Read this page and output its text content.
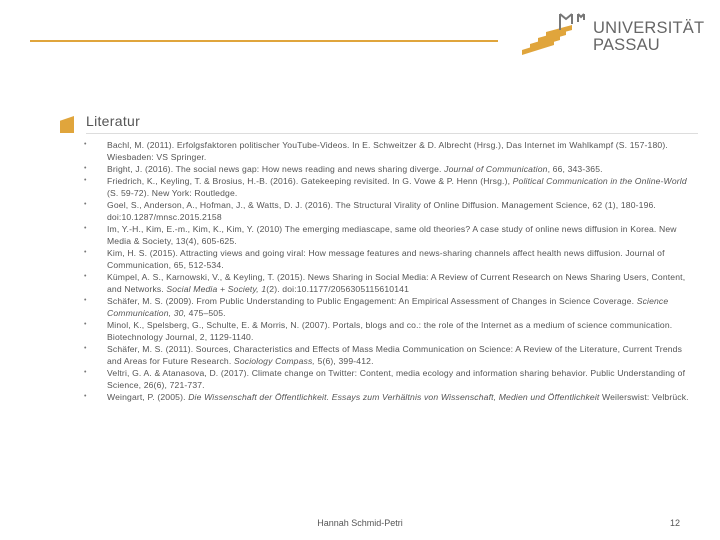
UNIVERSITÄT
PASSAU
Literatur
• Bachl, M. (2011). Erfolgsfaktoren politischer YouTube-Videos. In E. Schweitzer & D. Albrecht (Hrsg.), Das Internet im Wahlkampf (S. 157-180). Wiesbaden: VS Springer.
• Bright, J. (2016). The social news gap: How news reading and news sharing diverge. Journal of Communication, 66, 343-365.
• Friedrich, K., Keyling, T. & Brosius, H.-B. (2016). Gatekeeping revisited. In G. Vowe & P. Henn (Hrsg.), Political Communication in the Online-World (S. 59-72). New York: Routledge.
• Goel, S., Anderson, A., Hofman, J., & Watts, D. J. (2016). The Structural Virality of Online Diffusion. Management Science, 62 (1), 180-196. doi:10.1287/mnsc.2015.2158
• Im, Y.-H., Kim, E.-m., Kim, K., Kim, Y. (2010) The emerging mediascape, same old theories? A case study of online news diffusion in Korea. New Media & Society, 13(4), 605-625.
• Kim, H. S. (2015). Attracting views and going viral: How message features and news-sharing channels affect health news diffusion. Journal of Communication, 65, 512-534.
• Kümpel, A. S., Karnowski, V., & Keyling, T. (2015). News Sharing in Social Media: A Review of Current Research on News Sharing Users, Content, and Networks. Social Media + Society, 1(2). doi:10.1177/2056305115610141
• Schäfer, M. S. (2009). From Public Understanding to Public Engagement: An Empirical Assessment of Changes in Science Coverage. Science Communication, 30, 475–505.
• Minol, K., Spelsberg, G., Schulte, E. & Morris, N. (2007). Portals, blogs and co.: the role of the Internet as a medium of science communication. Biotechnology Journal, 2, 1129-1140.
• Schäfer, M. S. (2011). Sources, Characteristics and Effects of Mass Media Communication on Science: A Review of the Literature, Current Trends and Areas for Future Research. Sociology Compass, 5(6), 399-412.
• Veltri, G. A. & Atanasova, D. (2017). Climate change on Twitter: Content, media ecology and information sharing behavior. Public Understanding of Science, 26(6), 721-737.
• Weingart, P. (2005). Die Wissenschaft der Öffentlichkeit. Essays zum Verhältnis von Wissenschaft, Medien und Öffentlichkeit Weilerswist: Velbrück.
Hannah Schmid-Petri	12
